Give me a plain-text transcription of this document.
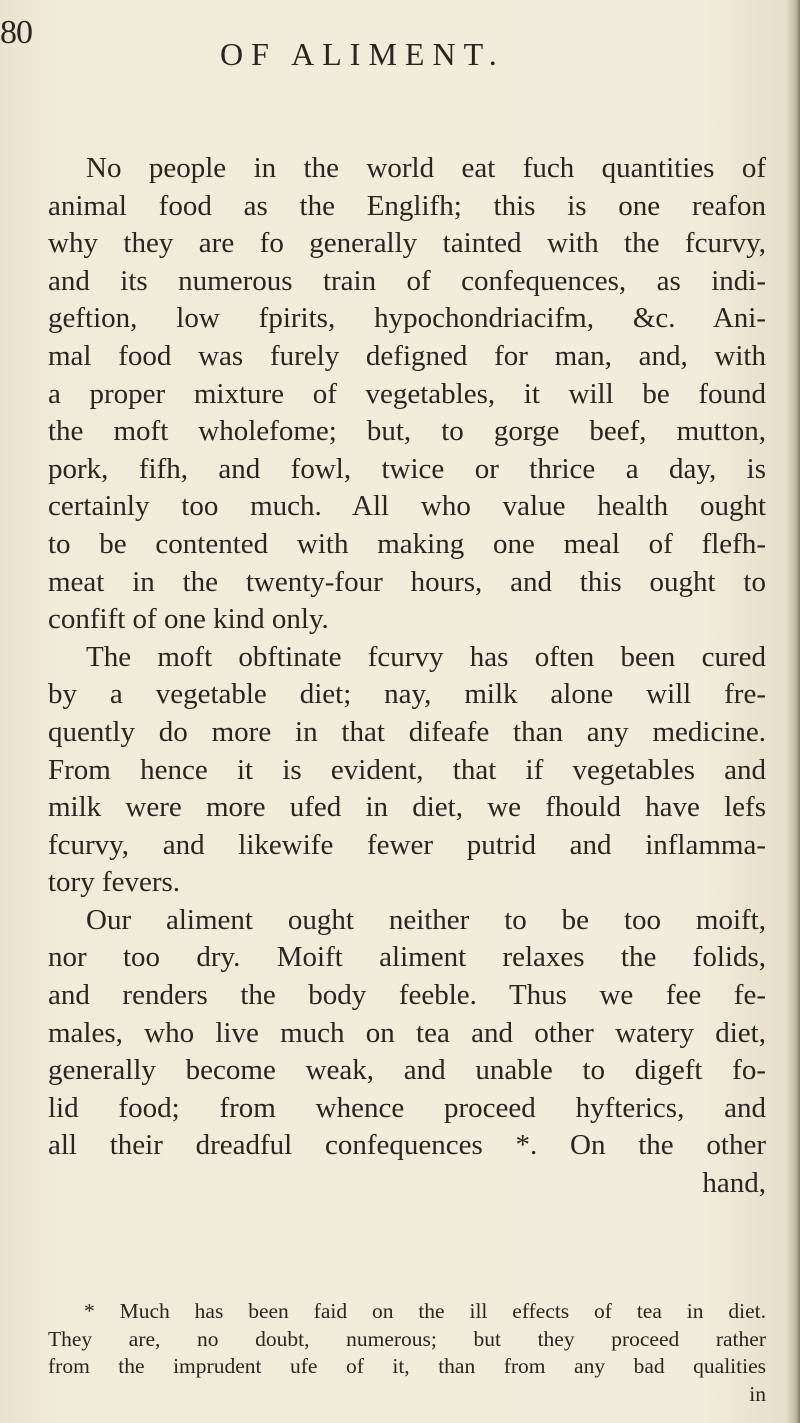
80
OF ALIMENT.
No people in the world eat fuch quantities of
animal food as the Englifh; this is one reafon
why they are fo generally tainted with the fcurvy,
and its numerous train of confequences, as indi-
geftion, low fpirits, hypochondriacifm, &c. Ani-
mal food was furely defigned for man, and, with
a proper mixture of vegetables, it will be found
the moft wholefome; but, to gorge beef, mutton,
pork, fifh, and fowl, twice or thrice a day, is
certainly too much. All who value health ought
to be contented with making one meal of flefh-
meat in the twenty-four hours, and this ought to
confift of one kind only.
The moft obftinate fcurvy has often been cured
by a vegetable diet; nay, milk alone will fre-
quently do more in that difeafe than any medicine.
From hence it is evident, that if vegetables and
milk were more ufed in diet, we fhould have lefs
fcurvy, and likewife fewer putrid and inflamma-
tory fevers.
Our aliment ought neither to be too moift,
nor too dry. Moift aliment relaxes the folids,
and renders the body feeble. Thus we fee fe-
males, who live much on tea and other watery diet,
generally become weak, and unable to digeft fo-
lid food; from whence proceed hyfterics, and
all their dreadful confequences *. On the other
hand,
* Much has been faid on the ill effects of tea in diet.
They are, no doubt, numerous; but they proceed rather
from the imprudent ufe of it, than from any bad qualities
in
